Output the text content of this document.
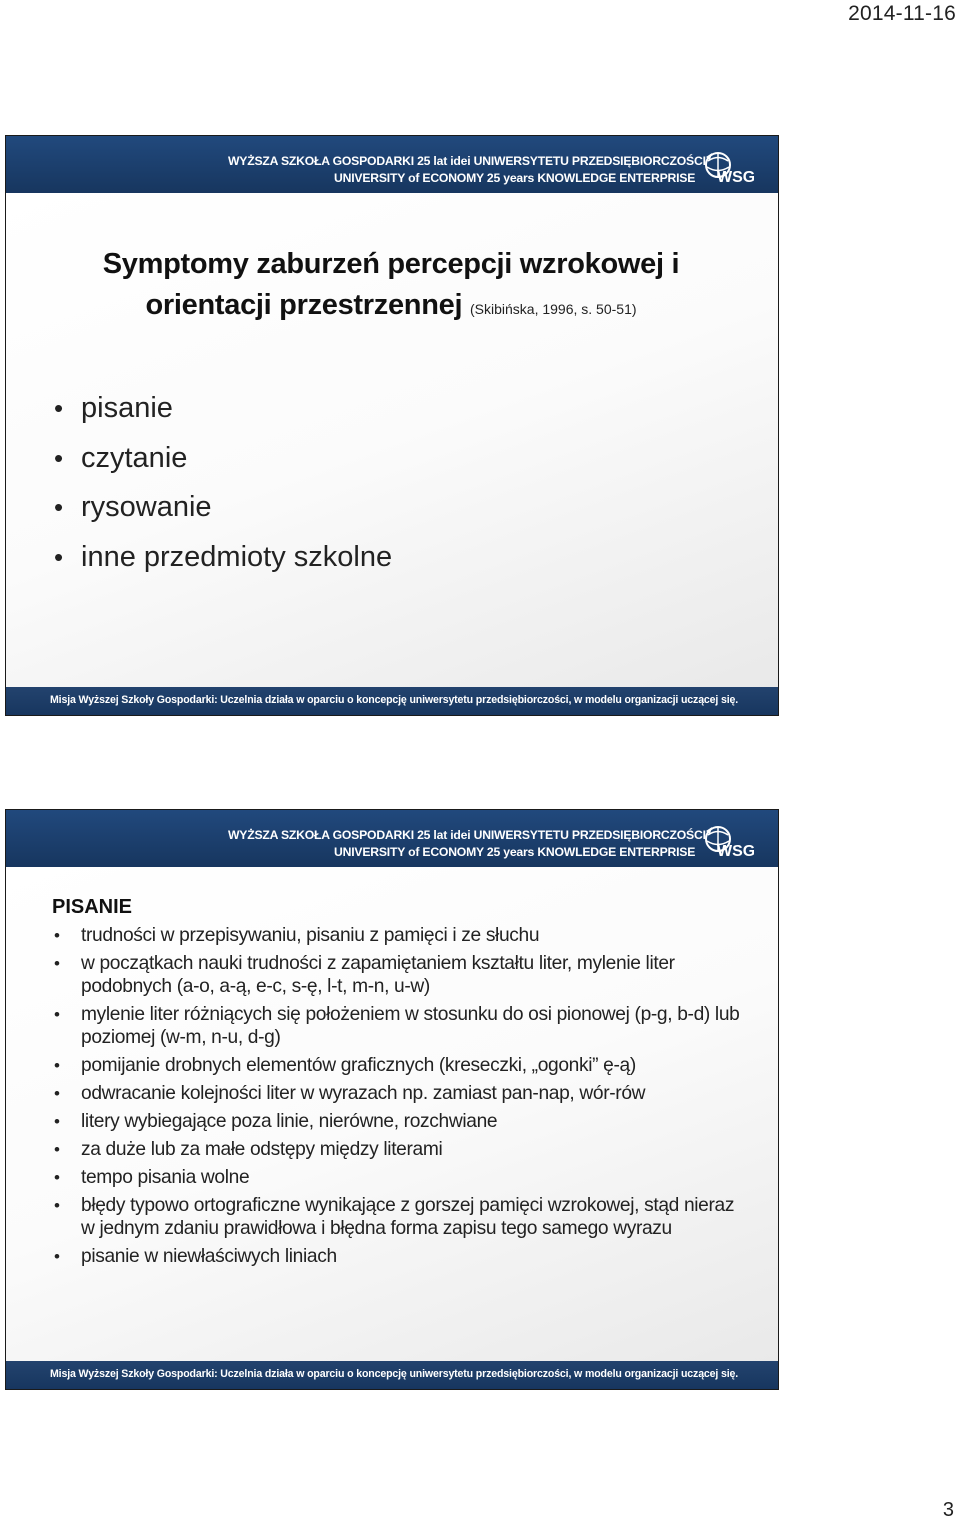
2014-11-16
WYŻSZA SZKOŁA GOSPODARKI 25 lat idei UNIWERSYTETU PRZEDSIĘBIORCZOŚCI
UNIVERSITY of ECONOMY 25 years KNOWLEDGE ENTERPRISE WSG
Symptomy zaburzeń percepcji wzrokowej i
orientacji przestrzennej (Skibińska, 1996, s. 50-51)
• pisanie
• czytanie
• rysowanie
• inne przedmioty szkolne
Misja Wyższej Szkoły Gospodarki: Uczelnia działa w oparciu o koncepcję uniwersytetu przedsiębiorczości, w modelu organizacji uczącej się.
WYŻSZA SZKOŁA GOSPODARKI 25 lat idei UNIWERSYTETU PRZEDSIĘBIORCZOŚCI
UNIVERSITY of ECONOMY 25 years KNOWLEDGE ENTERPRISE WSG
PISANIE
• trudności w przepisywaniu, pisaniu z pamięci i ze słuchu
• w początkach nauki trudności z zapamiętaniem kształtu liter, mylenie liter podobnych (a-o, a-ą, e-c, s-ę, l-t, m-n, u-w)
• mylenie liter różniących się położeniem w stosunku do osi pionowej (p-g, b-d) lub poziomej (w-m, n-u, d-g)
• pomijanie drobnych elementów graficznych (kreseczki, „ogonki” ę-ą)
• odwracanie kolejności liter w wyrazach np. zamiast pan-nap, wór-rów
• litery wybiegające poza linie, nierówne, rozchwiane
• za duże lub za małe odstępy między literami
• tempo pisania wolne
• błędy typowo ortograficzne wynikające z gorszej pamięci wzrokowej, stąd nieraz w jednym zdaniu prawidłowa i błędna forma zapisu tego samego wyrazu
• pisanie w niewłaściwych liniach
Misja Wyższej Szkoły Gospodarki: Uczelnia działa w oparciu o koncepcję uniwersytetu przedsiębiorczości, w modelu organizacji uczącej się.
3
